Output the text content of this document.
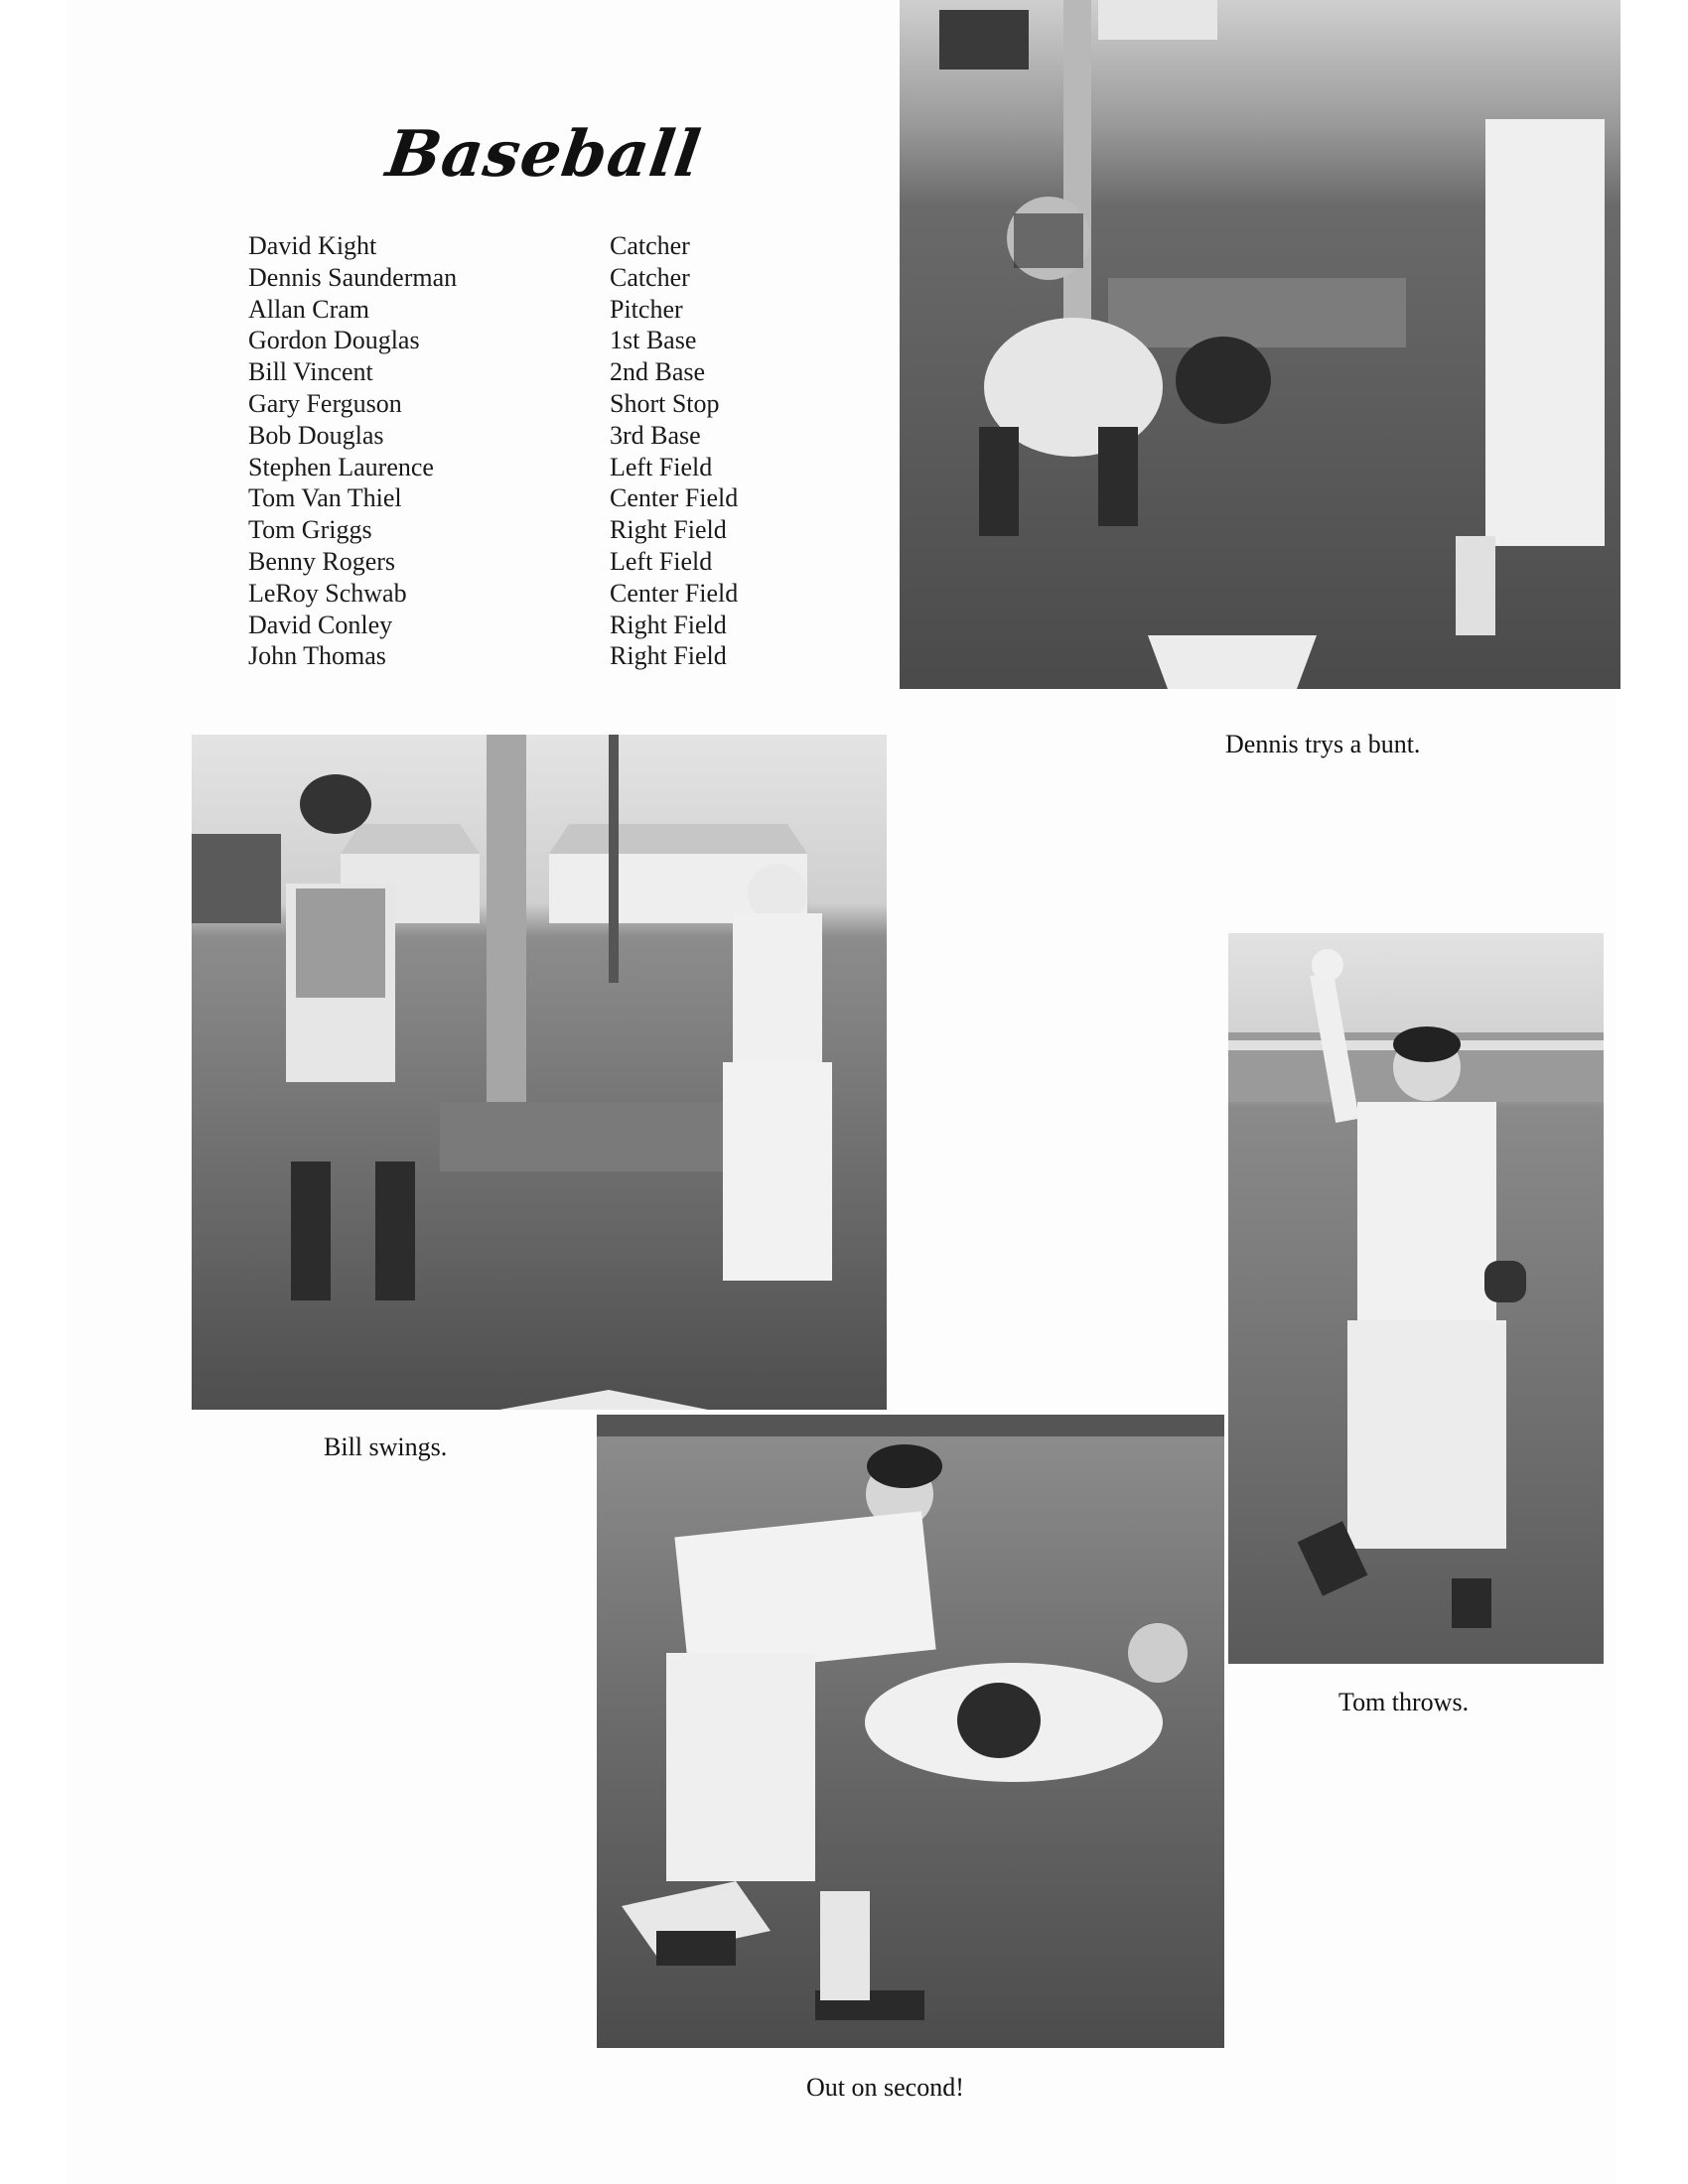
Baseball
David Kight	Catcher
Dennis Saunderman	Catcher
Allan Cram	Pitcher
Gordon Douglas	1st Base
Bill Vincent	2nd Base
Gary Ferguson	Short Stop
Bob Douglas	3rd Base
Stephen Laurence	Left Field
Tom Van Thiel	Center Field
Tom Griggs	Right Field
Benny Rogers	Left Field
LeRoy Schwab	Center Field
David Conley	Right Field
John Thomas	Right Field
Dennis trys a bunt.
Bill swings.
Tom throws.
Out on second!
